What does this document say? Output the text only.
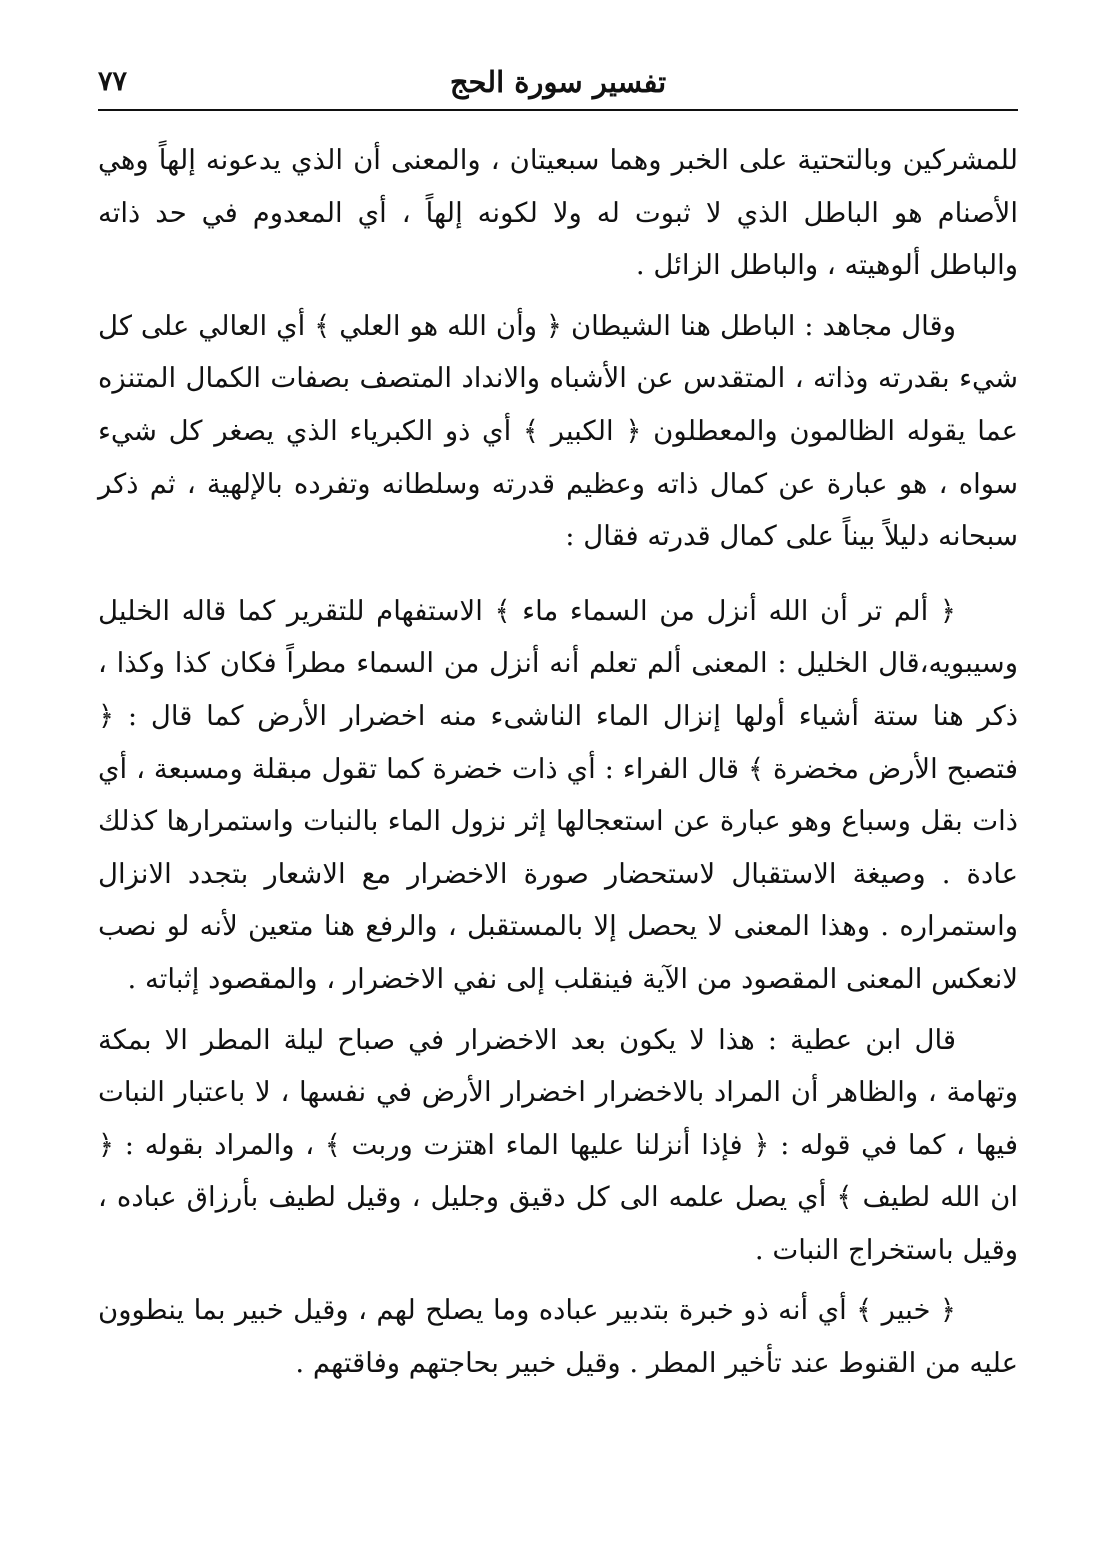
تفسير سورة الحج
٧٧

للمشركين وبالتحتية على الخبر وهما سبعيتان ، والمعنى أن الذي يدعونه إلهاً وهي الأصنام هو الباطل الذي لا ثبوت له ولا لكونه إلهاً ، أي المعدوم في حد ذاته والباطل ألوهيته ، والباطل الزائل .

وقال مجاهد : الباطل هنا الشيطان ﴿ وأن الله هو العلي ﴾ أي العالي على كل شيء بقدرته وذاته ، المتقدس عن الأشباه والانداد المتصف بصفات الكمال المتنزه عما يقوله الظالمون والمعطلون ﴿ الكبير ﴾ أي ذو الكبرياء الذي يصغر كل شيء سواه ، هو عبارة عن كمال ذاته وعظيم قدرته وسلطانه وتفرده بالإلهية ، ثم ذكر سبحانه دليلاً بيناً على كمال قدرته فقال :

﴿ ألم تر أن الله أنزل من السماء ماء ﴾ الاستفهام للتقرير كما قاله الخليل وسيبويه،قال الخليل : المعنى ألم تعلم أنه أنزل من السماء مطراً فكان كذا وكذا ، ذكر هنا ستة أشياء أولها إنزال الماء الناشىء منه اخضرار الأرض كما قال : ﴿ فتصبح الأرض مخضرة ﴾ قال الفراء : أي ذات خضرة كما تقول مبقلة ومسبعة ، أي ذات بقل وسباع وهو عبارة عن استعجالها إثر نزول الماء بالنبات واستمرارها كذلك عادة . وصيغة الاستقبال لاستحضار صورة الاخضرار مع الاشعار بتجدد الانزال واستمراره . وهذا المعنى لا يحصل إلا بالمستقبل ، والرفع هنا متعين لأنه لو نصب لانعكس المعنى المقصود من الآية فينقلب إلى نفي الاخضرار ، والمقصود إثباته .

قال ابن عطية : هذا لا يكون بعد الاخضرار في صباح ليلة المطر الا بمكة وتهامة ، والظاهر أن المراد بالاخضرار اخضرار الأرض في نفسها ، لا باعتبار النبات فيها ، كما في قوله : ﴿ فإذا أنزلنا عليها الماء اهتزت وربت ﴾ ، والمراد بقوله : ﴿ ان الله لطيف ﴾ أي يصل علمه الى كل دقيق وجليل ، وقيل لطيف بأرزاق عباده ، وقيل باستخراج النبات .

﴿ خبير ﴾ أي أنه ذو خبرة بتدبير عباده وما يصلح لهم ، وقيل خبير بما ينطوون عليه من القنوط عند تأخير المطر . وقيل خبير بحاجتهم وفاقتهم .
